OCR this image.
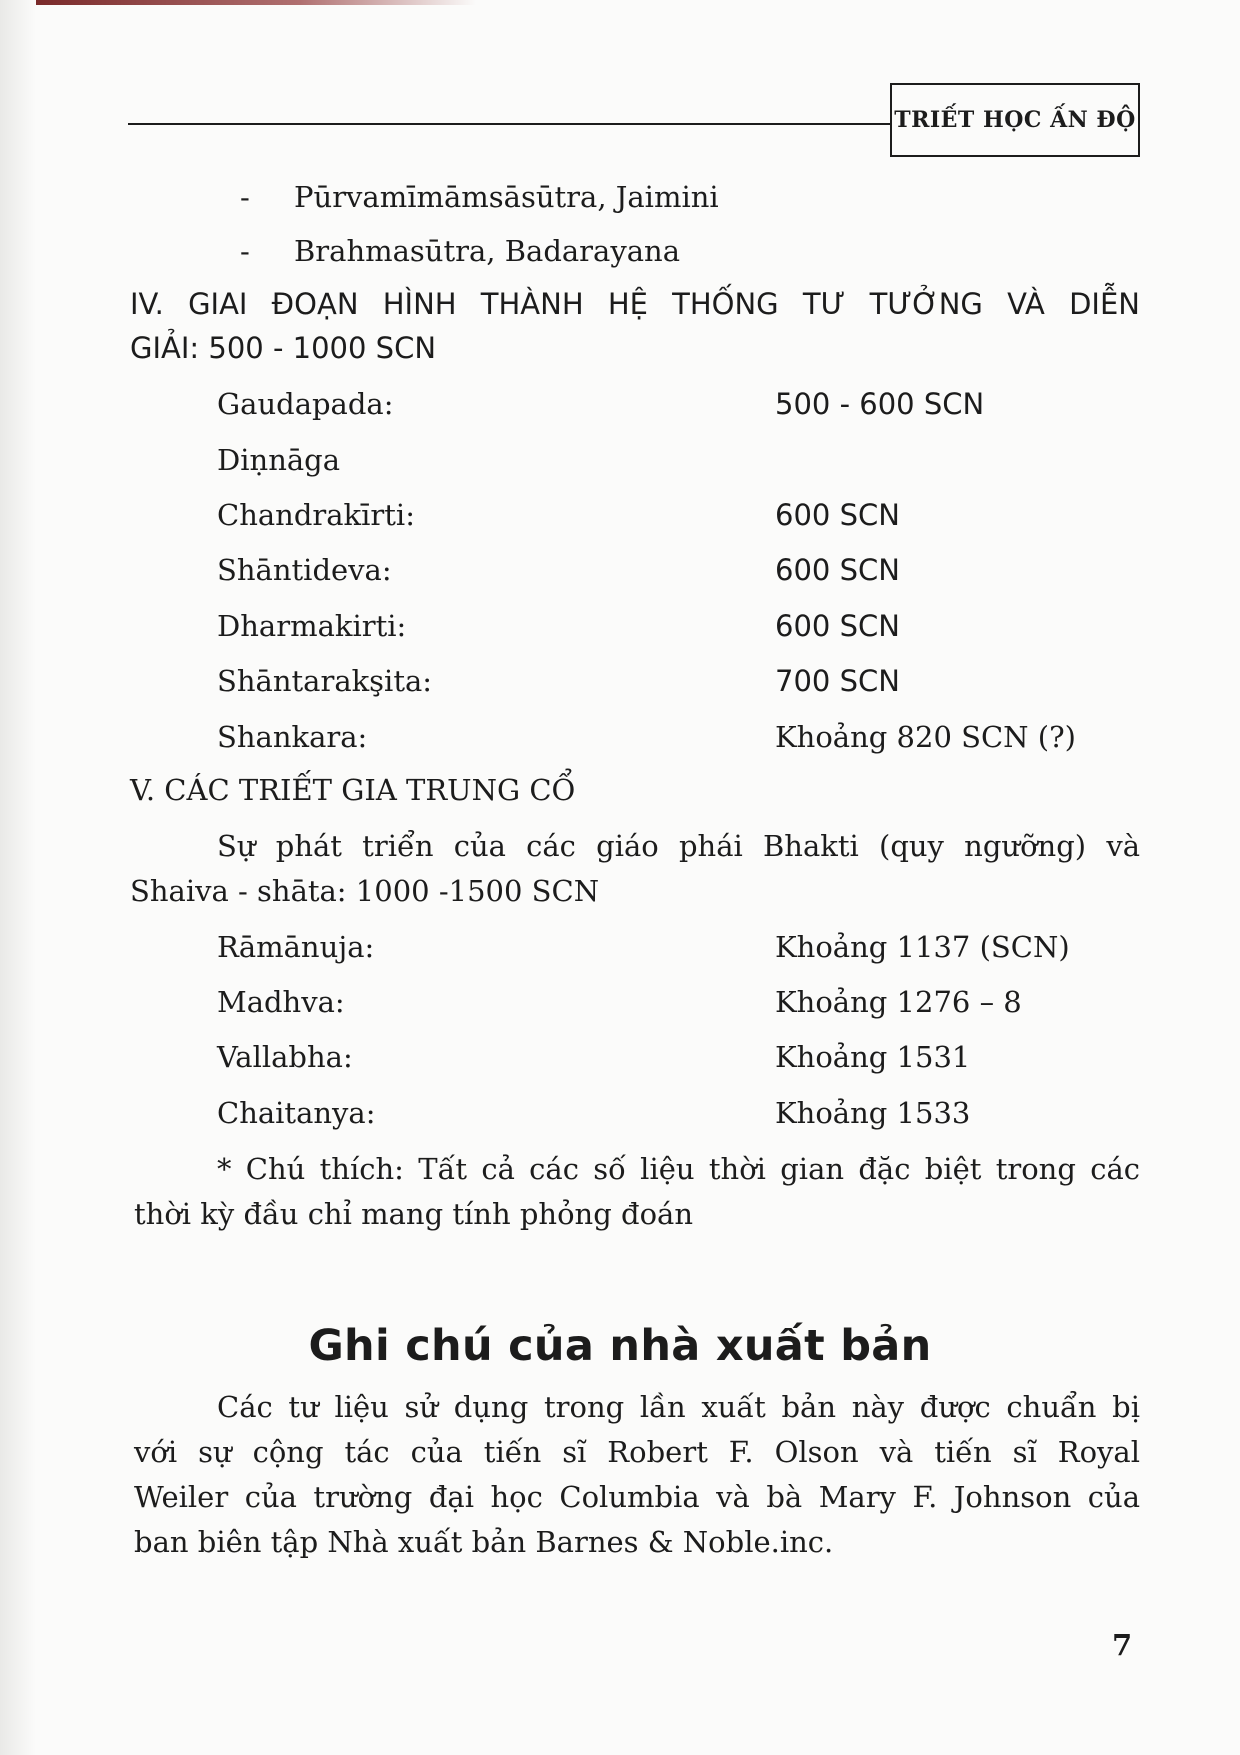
TRIẾT HỌC ẤN ĐỘ
- Pūrvamīmāmsāsūtra, Jaimini
- Brahmasūtra, Badarayana
IV. GIAI ĐOẠN HÌNH THÀNH HỆ THỐNG TƯ TƯỞNG VÀ DIỄN
GIẢI: 500 - 1000 SCN
Gaudapada:	500 - 600 SCN
Diṇnāga
Chandrakīrti:	600 SCN
Shāntideva:	600 SCN
Dharmakirti:	600 SCN
Shāntarakşita:	700 SCN
Shankara:	Khoảng 820 SCN (?)
V. CÁC TRIẾT GIA TRUNG CỔ
Sự phát triển của các giáo phái Bhakti (quy ngưỡng) và
Shaiva - shāta: 1000 -1500 SCN
Rāmānuja:	Khoảng 1137 (SCN)
Madhva:	Khoảng 1276 – 8
Vallabha:	Khoảng 1531
Chaitanya:	Khoảng 1533
* Chú thích: Tất cả các số liệu thời gian đặc biệt trong các
thời kỳ đầu chỉ mang tính phỏng đoán
Ghi chú của nhà xuất bản
Các tư liệu sử dụng trong lần xuất bản này được chuẩn bị
với sự cộng tác của tiến sĩ Robert F. Olson và tiến sĩ Royal
Weiler của trường đại học Columbia và bà Mary F. Johnson của
ban biên tập Nhà xuất bản Barnes & Noble.inc.
7
